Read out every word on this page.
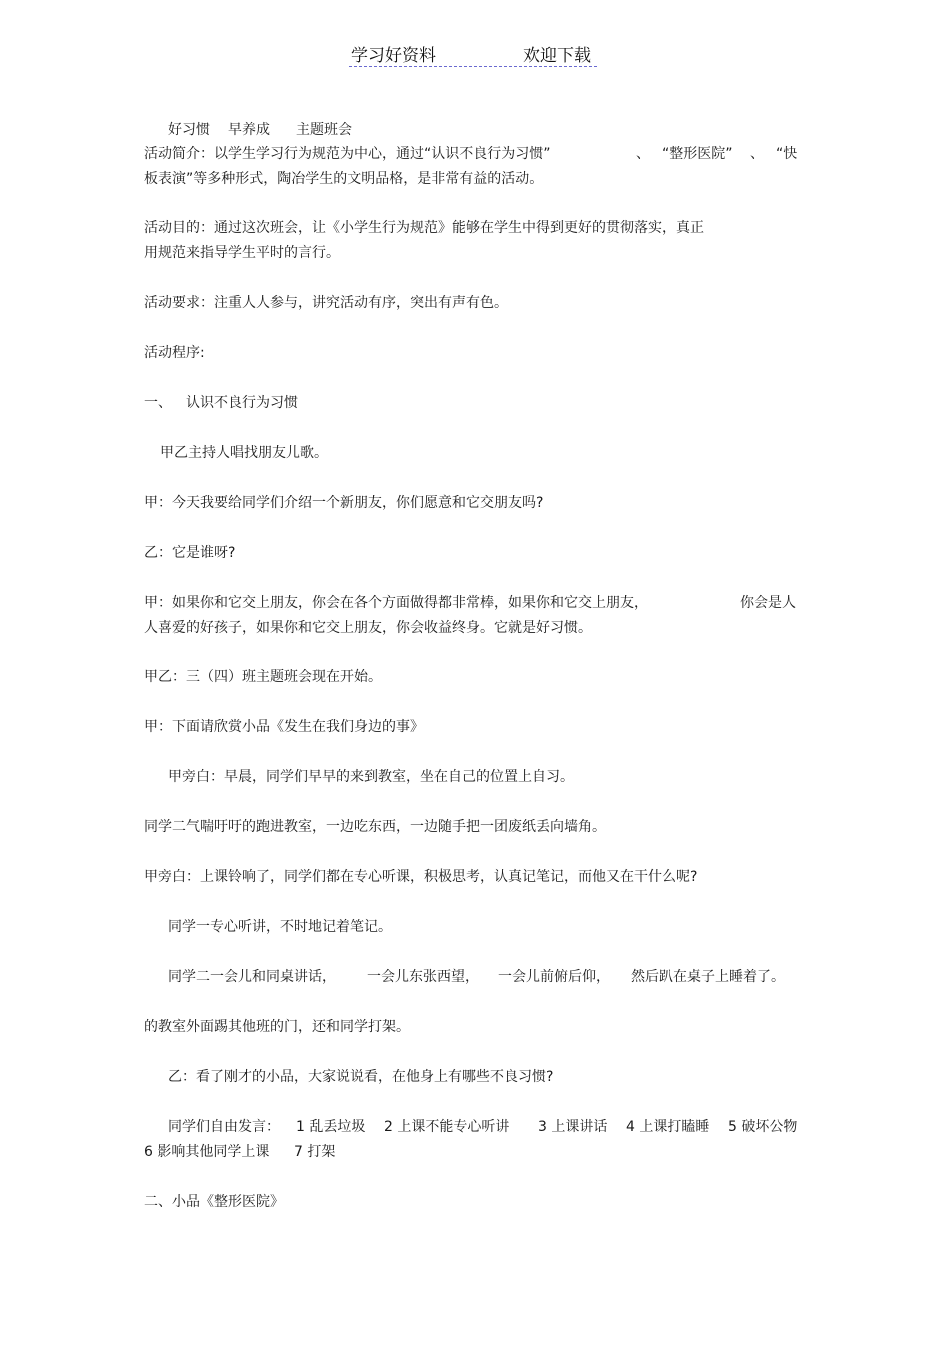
学习好资料	欢迎下载
好习惯 早养成 主题班会
活动简介：以学生学习行为规范为中心，通过“认识不良行为习惯”	、 “整形医院” 、 “快
板表演”等多种形式，陶冶学生的文明品格，是非常有益的活动。
活动目的：通过这次班会，让《小学生行为规范》能够在学生中得到更好的贯彻落实，真正
用规范来指导学生平时的言行。
活动要求：注重人人参与，讲究活动有序，突出有声有色。
活动程序:
一、 认识不良行为习惯
甲乙主持人唱找朋友儿歌。
甲：今天我要给同学们介绍一个新朋友，你们愿意和它交朋友吗?
乙：它是谁呀?
甲：如果你和它交上朋友，你会在各个方面做得都非常棒，如果你和它交上朋友，	你会是人
人喜爱的好孩子，如果你和它交上朋友，你会收益终身。它就是好习惯。
甲乙：三（四）班主题班会现在开始。
甲：下面请欣赏小品《发生在我们身边的事》
甲旁白：早晨，同学们早早的来到教室，坐在自己的位置上自习。
同学二气喘吁吁的跑进教室，一边吃东西，一边随手把一团废纸丢向墙角。
甲旁白：上课铃响了，同学们都在专心听课，积极思考，认真记笔记，而他又在干什么呢?
同学一专心听讲，不时地记着笔记。
同学二一会儿和同桌讲话， 一会儿东张西望， 一会儿前俯后仰， 然后趴在桌子上睡着了。
的教室外面踢其他班的门，还和同学打架。
乙：看了刚才的小品，大家说说看，在他身上有哪些不良习惯?
同学们自由发言： 1 乱丢垃圾 2 上课不能专心听讲 3 上课讲话 4 上课打瞌睡 5 破坏公物
6 影响其他同学上课 7 打架
二、小品《整形医院》
